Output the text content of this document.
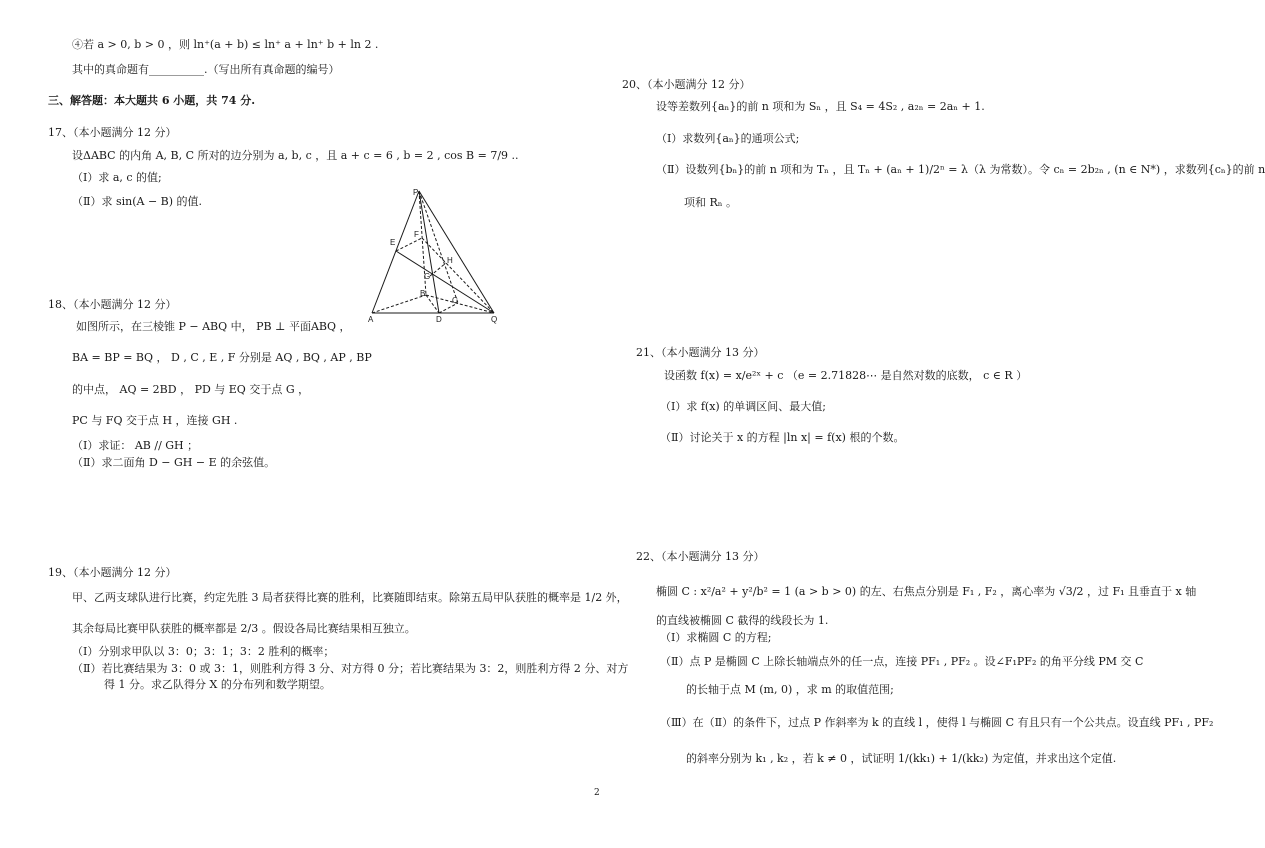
④若 a > 0, b > 0 ，则 ln⁺(a + b) ≤ ln⁺ a + ln⁺ b + ln 2 .
其中的真命题有__________.（写出所有真命题的编号）
三、解答题：本大题共 6 小题，共 74 分.
17、（本小题满分 12 分）
设ΔABC 的内角 A, B, C 所对的边分别为 a, b, c ，且 a + c = 6 , b = 2 , cos B = 7/9 ..
（Ⅰ）求 a, c 的值;
（Ⅱ）求 sin(A − B) 的值.
18、（本小题满分 12 分）
如图所示，在三棱锥 P − ABQ 中， PB ⊥ 平面ABQ ，
BA = BP = BQ ， D , C , E , F 分别是 AQ , BQ , AP , BP
的中点， AQ = 2BD ， PD 与 EQ 交于点 G ，
PC 与 FQ 交于点 H ，连接 GH .
（Ⅰ）求证： AB // GH ；
（Ⅱ）求二面角 D − GH − E 的余弦值。
19、（本小题满分 12 分）
甲、乙两支球队进行比赛，约定先胜 3 局者获得比赛的胜利，比赛随即结束。除第五局甲队获胜的概率是 1/2 外，
其余每局比赛甲队获胜的概率都是 2/3 。假设各局比赛结果相互独立。
（Ⅰ）分别求甲队以 3：0；3：1；3：2 胜利的概率；
（Ⅱ）若比赛结果为 3：0 或 3：1，则胜利方得 3 分、对方得 0 分；若比赛结果为 3：2，则胜利方得 2 分、对方
得 1 分。求乙队得分 X 的分布列和数学期望。
P
E
F
G
H
B
C
A	D	Q
20、（本小题满分 12 分）
设等差数列{aₙ}的前 n 项和为 Sₙ ，且 S₄ = 4S₂ , a₂ₙ = 2aₙ + 1.
（Ⅰ）求数列{aₙ}的通项公式;
（Ⅱ）设数列{bₙ}的前 n 项和为 Tₙ ，且 Tₙ + (aₙ + 1)/2ⁿ = λ（λ 为常数）。令 cₙ = 2b₂ₙ , (n ∈ N*) ，求数列{cₙ}的前 n
项和 Rₙ 。
21、（本小题满分 13 分）
设函数 f(x) = x/e²ˣ + c （e = 2.71828⋯ 是自然对数的底数， c ∈ R ）
（Ⅰ）求 f(x) 的单调区间、最大值;
（Ⅱ）讨论关于 x 的方程 |ln x| = f(x) 根的个数。
22、（本小题满分 13 分）
椭圆 C : x²/a² + y²/b² = 1 (a > b > 0) 的左、右焦点分别是 F₁ , F₂ ，离心率为 √3/2 ，过 F₁ 且垂直于 x 轴
的直线被椭圆 C 截得的线段长为 1.
（Ⅰ）求椭圆 C 的方程;
（Ⅱ）点 P 是椭圆 C 上除长轴端点外的任一点，连接 PF₁ , PF₂ 。设∠F₁PF₂ 的角平分线 PM 交 C
的长轴于点 M (m, 0) ，求 m 的取值范围;
（Ⅲ）在（Ⅱ）的条件下，过点 P 作斜率为 k 的直线 l ，使得 l 与椭圆 C 有且只有一个公共点。设直线 PF₁ , PF₂
的斜率分别为 k₁ , k₂ ，若 k ≠ 0 ，试证明 1/(kk₁) + 1/(kk₂) 为定值，并求出这个定值.
2
